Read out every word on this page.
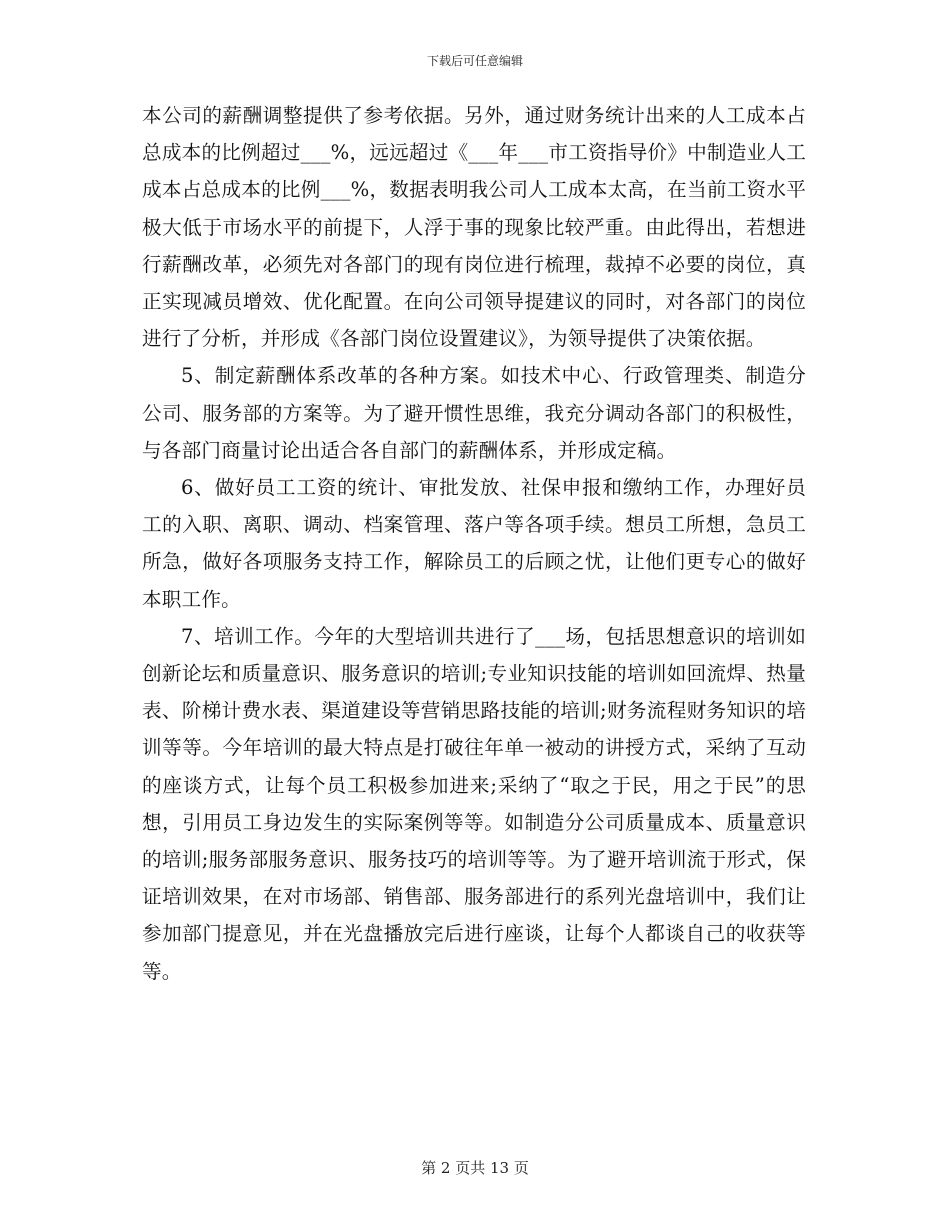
下载后可任意编辑

本公司的薪酬调整提供了参考依据。另外，通过财务统计出来的人工成本占总成本的比例超过___%，远远超过《___年___市工资指导价》中制造业人工成本占总成本的比例___%，数据表明我公司人工成本太高，在当前工资水平极大低于市场水平的前提下，人浮于事的现象比较严重。由此得出，若想进行薪酬改革，必须先对各部门的现有岗位进行梳理，裁掉不必要的岗位，真正实现减员增效、优化配置。在向公司领导提建议的同时，对各部门的岗位进行了分析，并形成《各部门岗位设置建议》，为领导提供了决策依据。

5、制定薪酬体系改革的各种方案。如技术中心、行政管理类、制造分公司、服务部的方案等。为了避开惯性思维，我充分调动各部门的积极性，与各部门商量讨论出适合各自部门的薪酬体系，并形成定稿。

6、做好员工工资的统计、审批发放、社保申报和缴纳工作，办理好员工的入职、离职、调动、档案管理、落户等各项手续。想员工所想，急员工所急，做好各项服务支持工作，解除员工的后顾之忧，让他们更专心的做好本职工作。

7、培训工作。今年的大型培训共进行了___场，包括思想意识的培训如创新论坛和质量意识、服务意识的培训;专业知识技能的培训如回流焊、热量表、阶梯计费水表、渠道建设等营销思路技能的培训;财务流程财务知识的培训等等。今年培训的最大特点是打破往年单一被动的讲授方式，采纳了互动的座谈方式，让每个员工积极参加进来;采纳了“取之于民，用之于民”的思想，引用员工身边发生的实际案例等等。如制造分公司质量成本、质量意识的培训;服务部服务意识、服务技巧的培训等等。为了避开培训流于形式，保证培训效果，在对市场部、销售部、服务部进行的系列光盘培训中，我们让参加部门提意见，并在光盘播放完后进行座谈，让每个人都谈自己的收获等等。

第 2 页共 13 页
